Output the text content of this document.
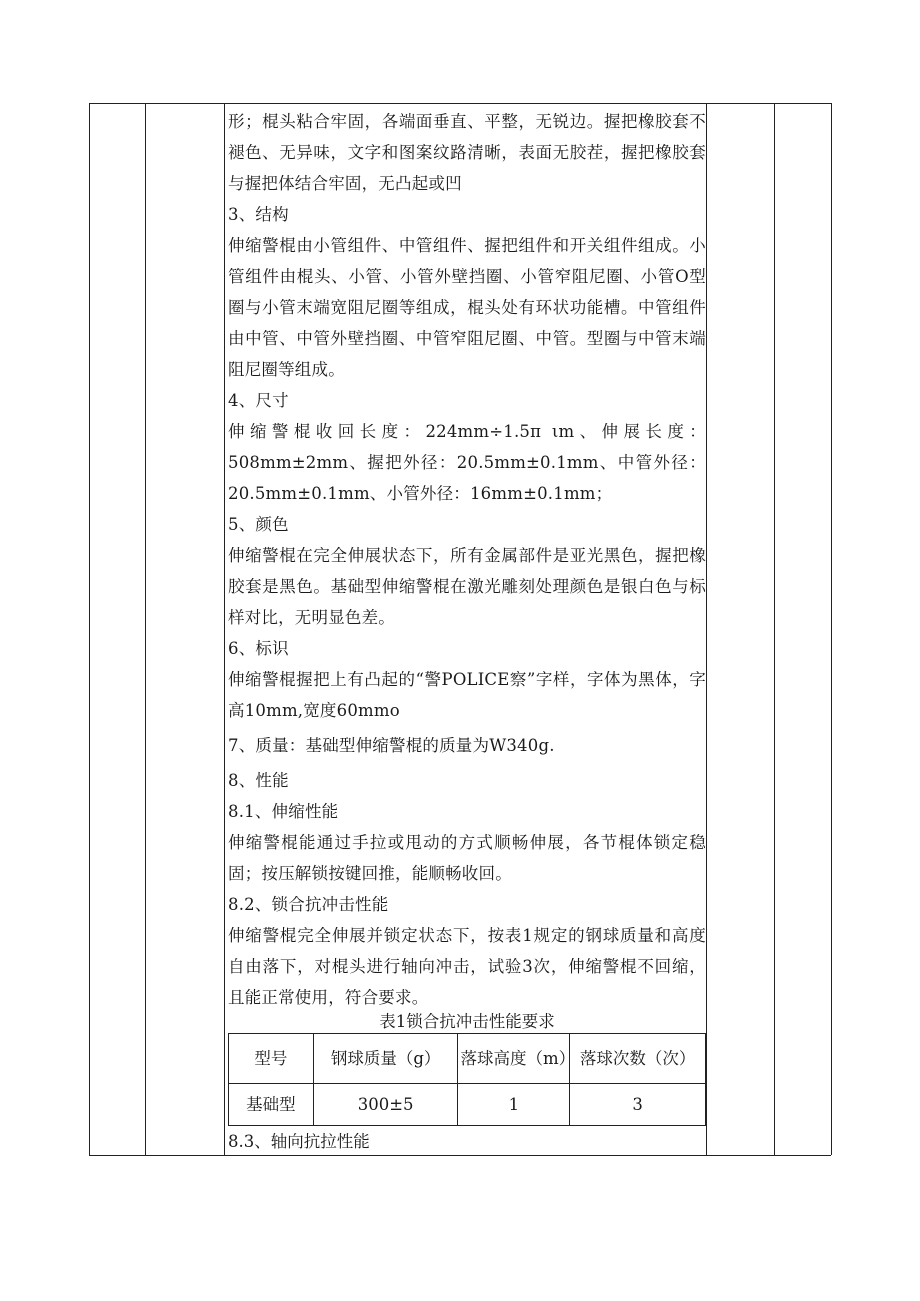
形；棍头粘合牢固，各端面垂直、平整，无锐边。握把橡胶套不褪色、无异味，文字和图案纹路清晰，表面无胶茬，握把橡胶套与握把体结合牢固，无凸起或凹

3、结构

伸缩警棍由小管组件、中管组件、握把组件和开关组件组成。小管组件由棍头、小管、小管外壁挡圈、小管窄阻尼圈、小管O型圈与小管末端宽阻尼圈等组成，棍头处有环状功能槽。中管组件由中管、中管外壁挡圈、中管窄阻尼圈、中管。型圈与中管末端阻尼圈等组成。

4、尺寸

伸缩警棍收回长度：224mm÷1.5π ιm、伸展长度：508mm±2mm、握把外径：20.5mm±0.1mm、中管外径：20.5mm±0.1mm、小管外径：16mm±0.1mm；

5、颜色

伸缩警棍在完全伸展状态下，所有金属部件是亚光黑色，握把橡胶套是黑色。基础型伸缩警棍在激光雕刻处理颜色是银白色与标样对比，无明显色差。

6、标识

伸缩警棍握把上有凸起的“警POLICE察”字样，字体为黑体，字高10mm,宽度60mmo

7、质量：基础型伸缩警棍的质量为W340g.

8、性能

8.1、伸缩性能

伸缩警棍能通过手拉或甩动的方式顺畅伸展，各节棍体锁定稳固；按压解锁按键回推，能顺畅收回。

8.2、锁合抗冲击性能

伸缩警棍完全伸展并锁定状态下，按表1规定的钢球质量和高度自由落下，对棍头进行轴向冲击，试验3次，伸缩警棍不回缩，且能正常使用，符合要求。

表1锁合抗冲击性能要求
型号	钢球质量（g）	落球高度（m）	落球次数（次）
基础型	300±5	1	3
8.3、轴向抗拉性能
